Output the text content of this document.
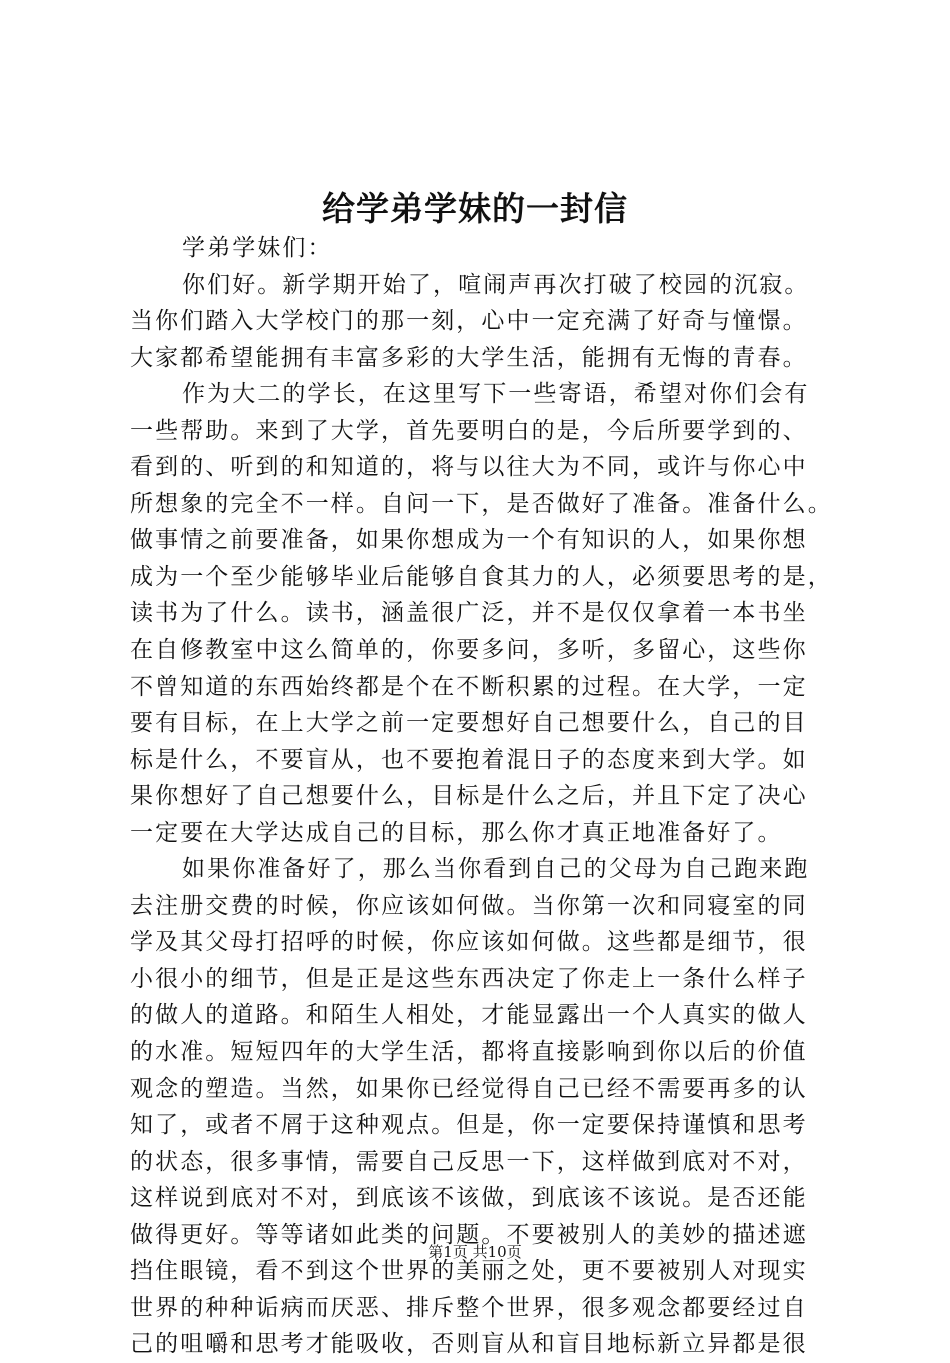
给学弟学妹的一封信
学弟学妹们：
你们好。新学期开始了，喧闹声再次打破了校园的沉寂。
当你们踏入大学校门的那一刻，心中一定充满了好奇与憧憬。
大家都希望能拥有丰富多彩的大学生活，能拥有无悔的青春。
作为大二的学长，在这里写下一些寄语，希望对你们会有
一些帮助。来到了大学，首先要明白的是，今后所要学到的、
看到的、听到的和知道的，将与以往大为不同，或许与你心中
所想象的完全不一样。自问一下，是否做好了准备。准备什么。
做事情之前要准备，如果你想成为一个有知识的人，如果你想
成为一个至少能够毕业后能够自食其力的人，必须要思考的是，
读书为了什么。读书，涵盖很广泛，并不是仅仅拿着一本书坐
在自修教室中这么简单的，你要多问，多听，多留心，这些你
不曾知道的东西始终都是个在不断积累的过程。在大学，一定
要有目标，在上大学之前一定要想好自己想要什么，自己的目
标是什么，不要盲从，也不要抱着混日子的态度来到大学。如
果你想好了自己想要什么，目标是什么之后，并且下定了决心
一定要在大学达成自己的目标，那么你才真正地准备好了。
如果你准备好了，那么当你看到自己的父母为自己跑来跑
去注册交费的时候，你应该如何做。当你第一次和同寝室的同
学及其父母打招呼的时候，你应该如何做。这些都是细节，很
小很小的细节，但是正是这些东西决定了你走上一条什么样子
的做人的道路。和陌生人相处，才能显露出一个人真实的做人
的水准。短短四年的大学生活，都将直接影响到你以后的价值
观念的塑造。当然，如果你已经觉得自己已经不需要再多的认
知了，或者不屑于这种观点。但是，你一定要保持谨慎和思考
的状态，很多事情，需要自己反思一下，这样做到底对不对，
这样说到底对不对，到底该不该做，到底该不该说。是否还能
做得更好。等等诸如此类的问题。不要被别人的美妙的描述遮
挡住眼镜，看不到这个世界的美丽之处，更不要被别人对现实
世界的种种诟病而厌恶、排斥整个世界，很多观念都要经过自
己的咀嚼和思考才能吸收，否则盲从和盲目地标新立异都是很
第1页 共10页
